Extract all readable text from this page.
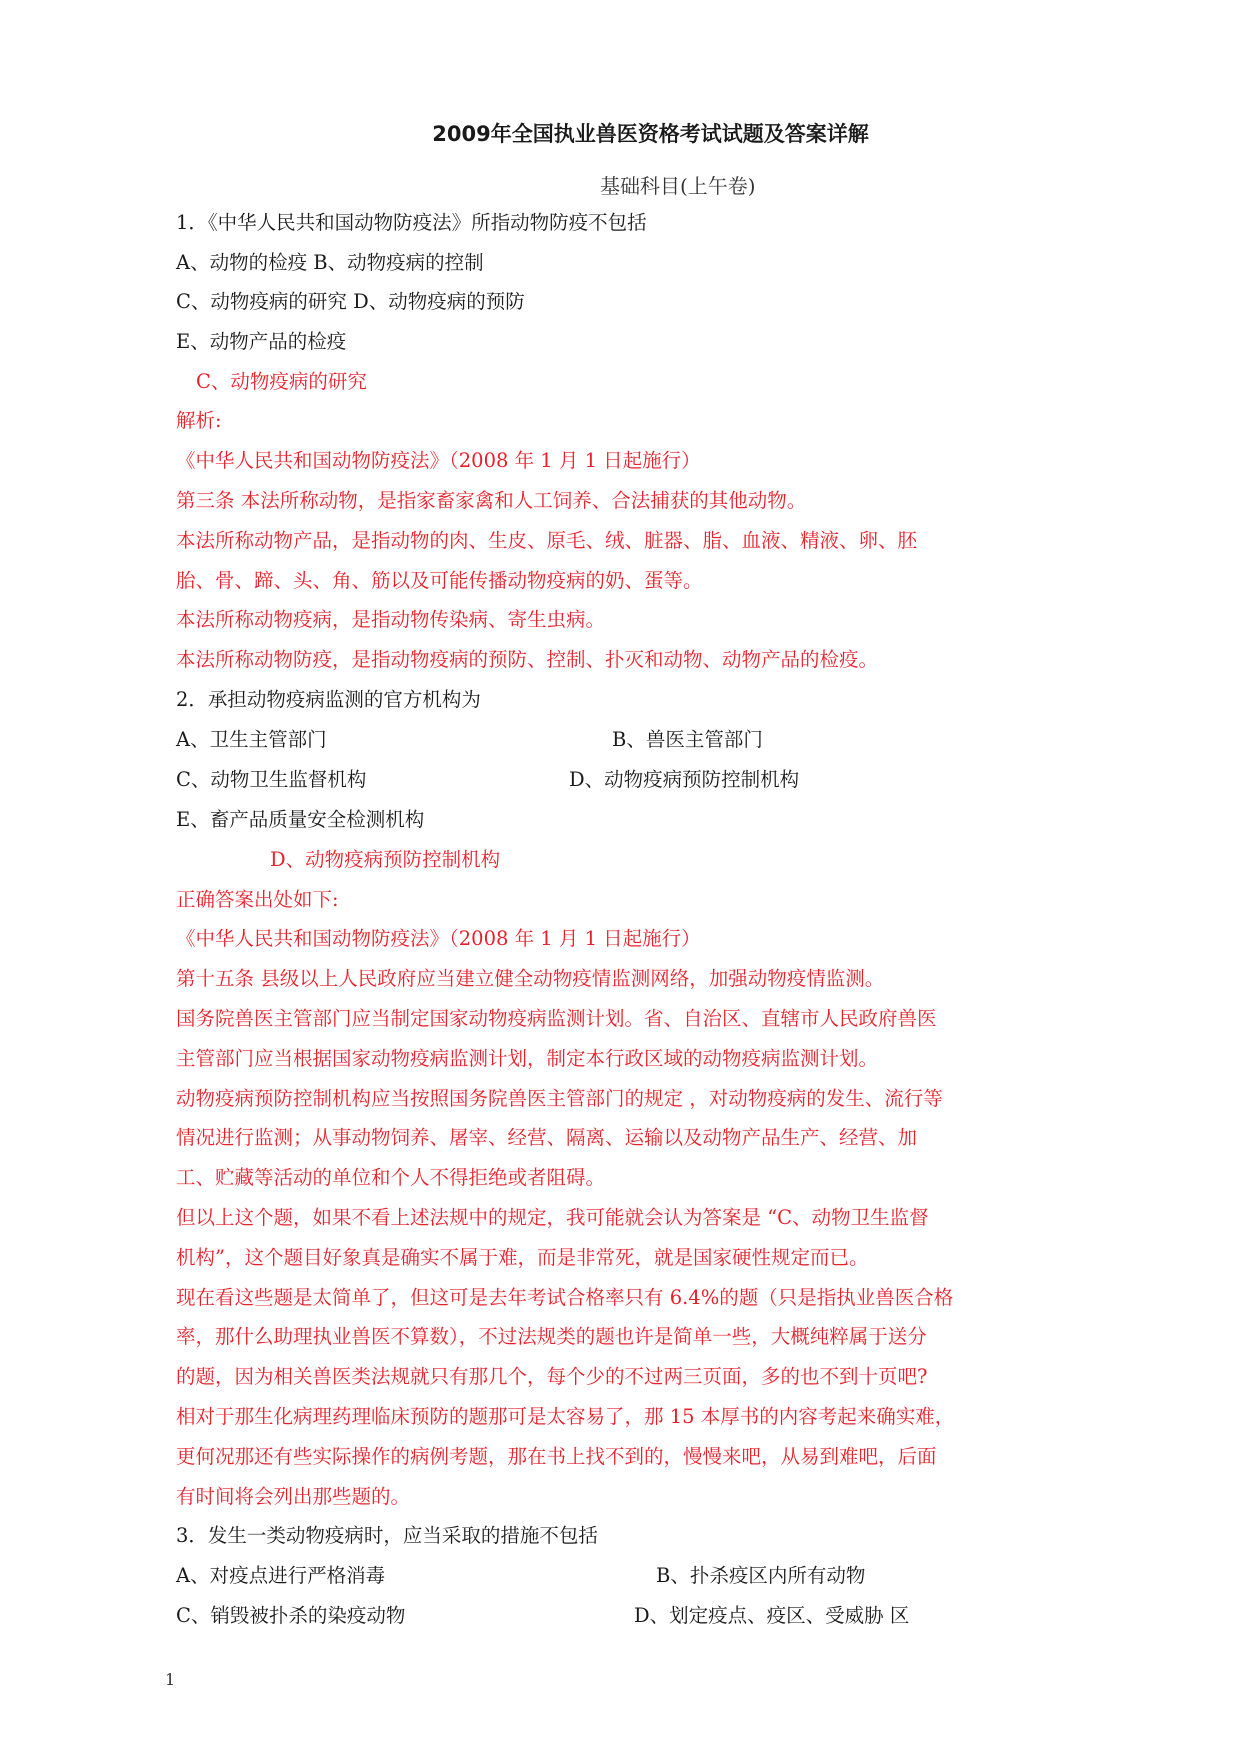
2009年全国执业兽医资格考试试题及答案详解
基础科目(上午卷)
1．《中华人民共和国动物防疫法》所指动物防疫不包括
A、动物的检疫 B、动物疫病的控制
C、动物疫病的研究 D、动物疫病的预防
E、动物产品的检疫
C、动物疫病的研究
解析:
《中华人民共和国动物防疫法》（2008 年 1 月 1 日起施行）
第三条 本法所称动物，是指家畜家禽和人工饲养、合法捕获的其他动物。
本法所称动物产品，是指动物的肉、生皮、原毛、绒、脏器、脂、血液、精液、卵、胚
胎、骨、蹄、头、角、筋以及可能传播动物疫病的奶、蛋等。
本法所称动物疫病，是指动物传染病、寄生虫病。
本法所称动物防疫，是指动物疫病的预防、控制、扑灭和动物、动物产品的检疫。
2．承担动物疫病监测的官方机构为
A、卫生主管部门	B、兽医主管部门
C、动物卫生监督机构	D、动物疫病预防控制机构
E、畜产品质量安全检测机构
D、动物疫病预防控制机构
正确答案出处如下:
《中华人民共和国动物防疫法》（2008 年 1 月 1 日起施行）
第十五条 县级以上人民政府应当建立健全动物疫情监测网络，加强动物疫情监测。
国务院兽医主管部门应当制定国家动物疫病监测计划。省、自治区、直辖市人民政府兽医
主管部门应当根据国家动物疫病监测计划，制定本行政区域的动物疫病监测计划。
动物疫病预防控制机构应当按照国务院兽医主管部门的规定 ，对动物疫病的发生、流行等
情况进行监测；从事动物饲养、屠宰、经营、隔离、运输以及动物产品生产、经营、加
工、贮藏等活动的单位和个人不得拒绝或者阻碍。
但以上这个题，如果不看上述法规中的规定，我可能就会认为答案是 “C、动物卫生监督
机构”，这个题目好象真是确实不属于难，而是非常死，就是国家硬性规定而已。
现在看这些题是太简单了，但这可是去年考试合格率只有 6.4%的题（只是指执业兽医合格
率，那什么助理执业兽医不算数），不过法规类的题也许是简单一些，大概纯粹属于送分
的题，因为相关兽医类法规就只有那几个，每个少的不过两三页面，多的也不到十页吧?
相对于那生化病理药理临床预防的题那可是太容易了，那 15 本厚书的内容考起来确实难，
更何况那还有些实际操作的病例考题，那在书上找不到的，慢慢来吧，从易到难吧，后面
有时间将会列出那些题的。
3．发生一类动物疫病时，应当采取的措施不包括
A、对疫点进行严格消毒	B、扑杀疫区内所有动物
C、销毁被扑杀的染疫动物	D、划定疫点、疫区、受威胁 区
1
